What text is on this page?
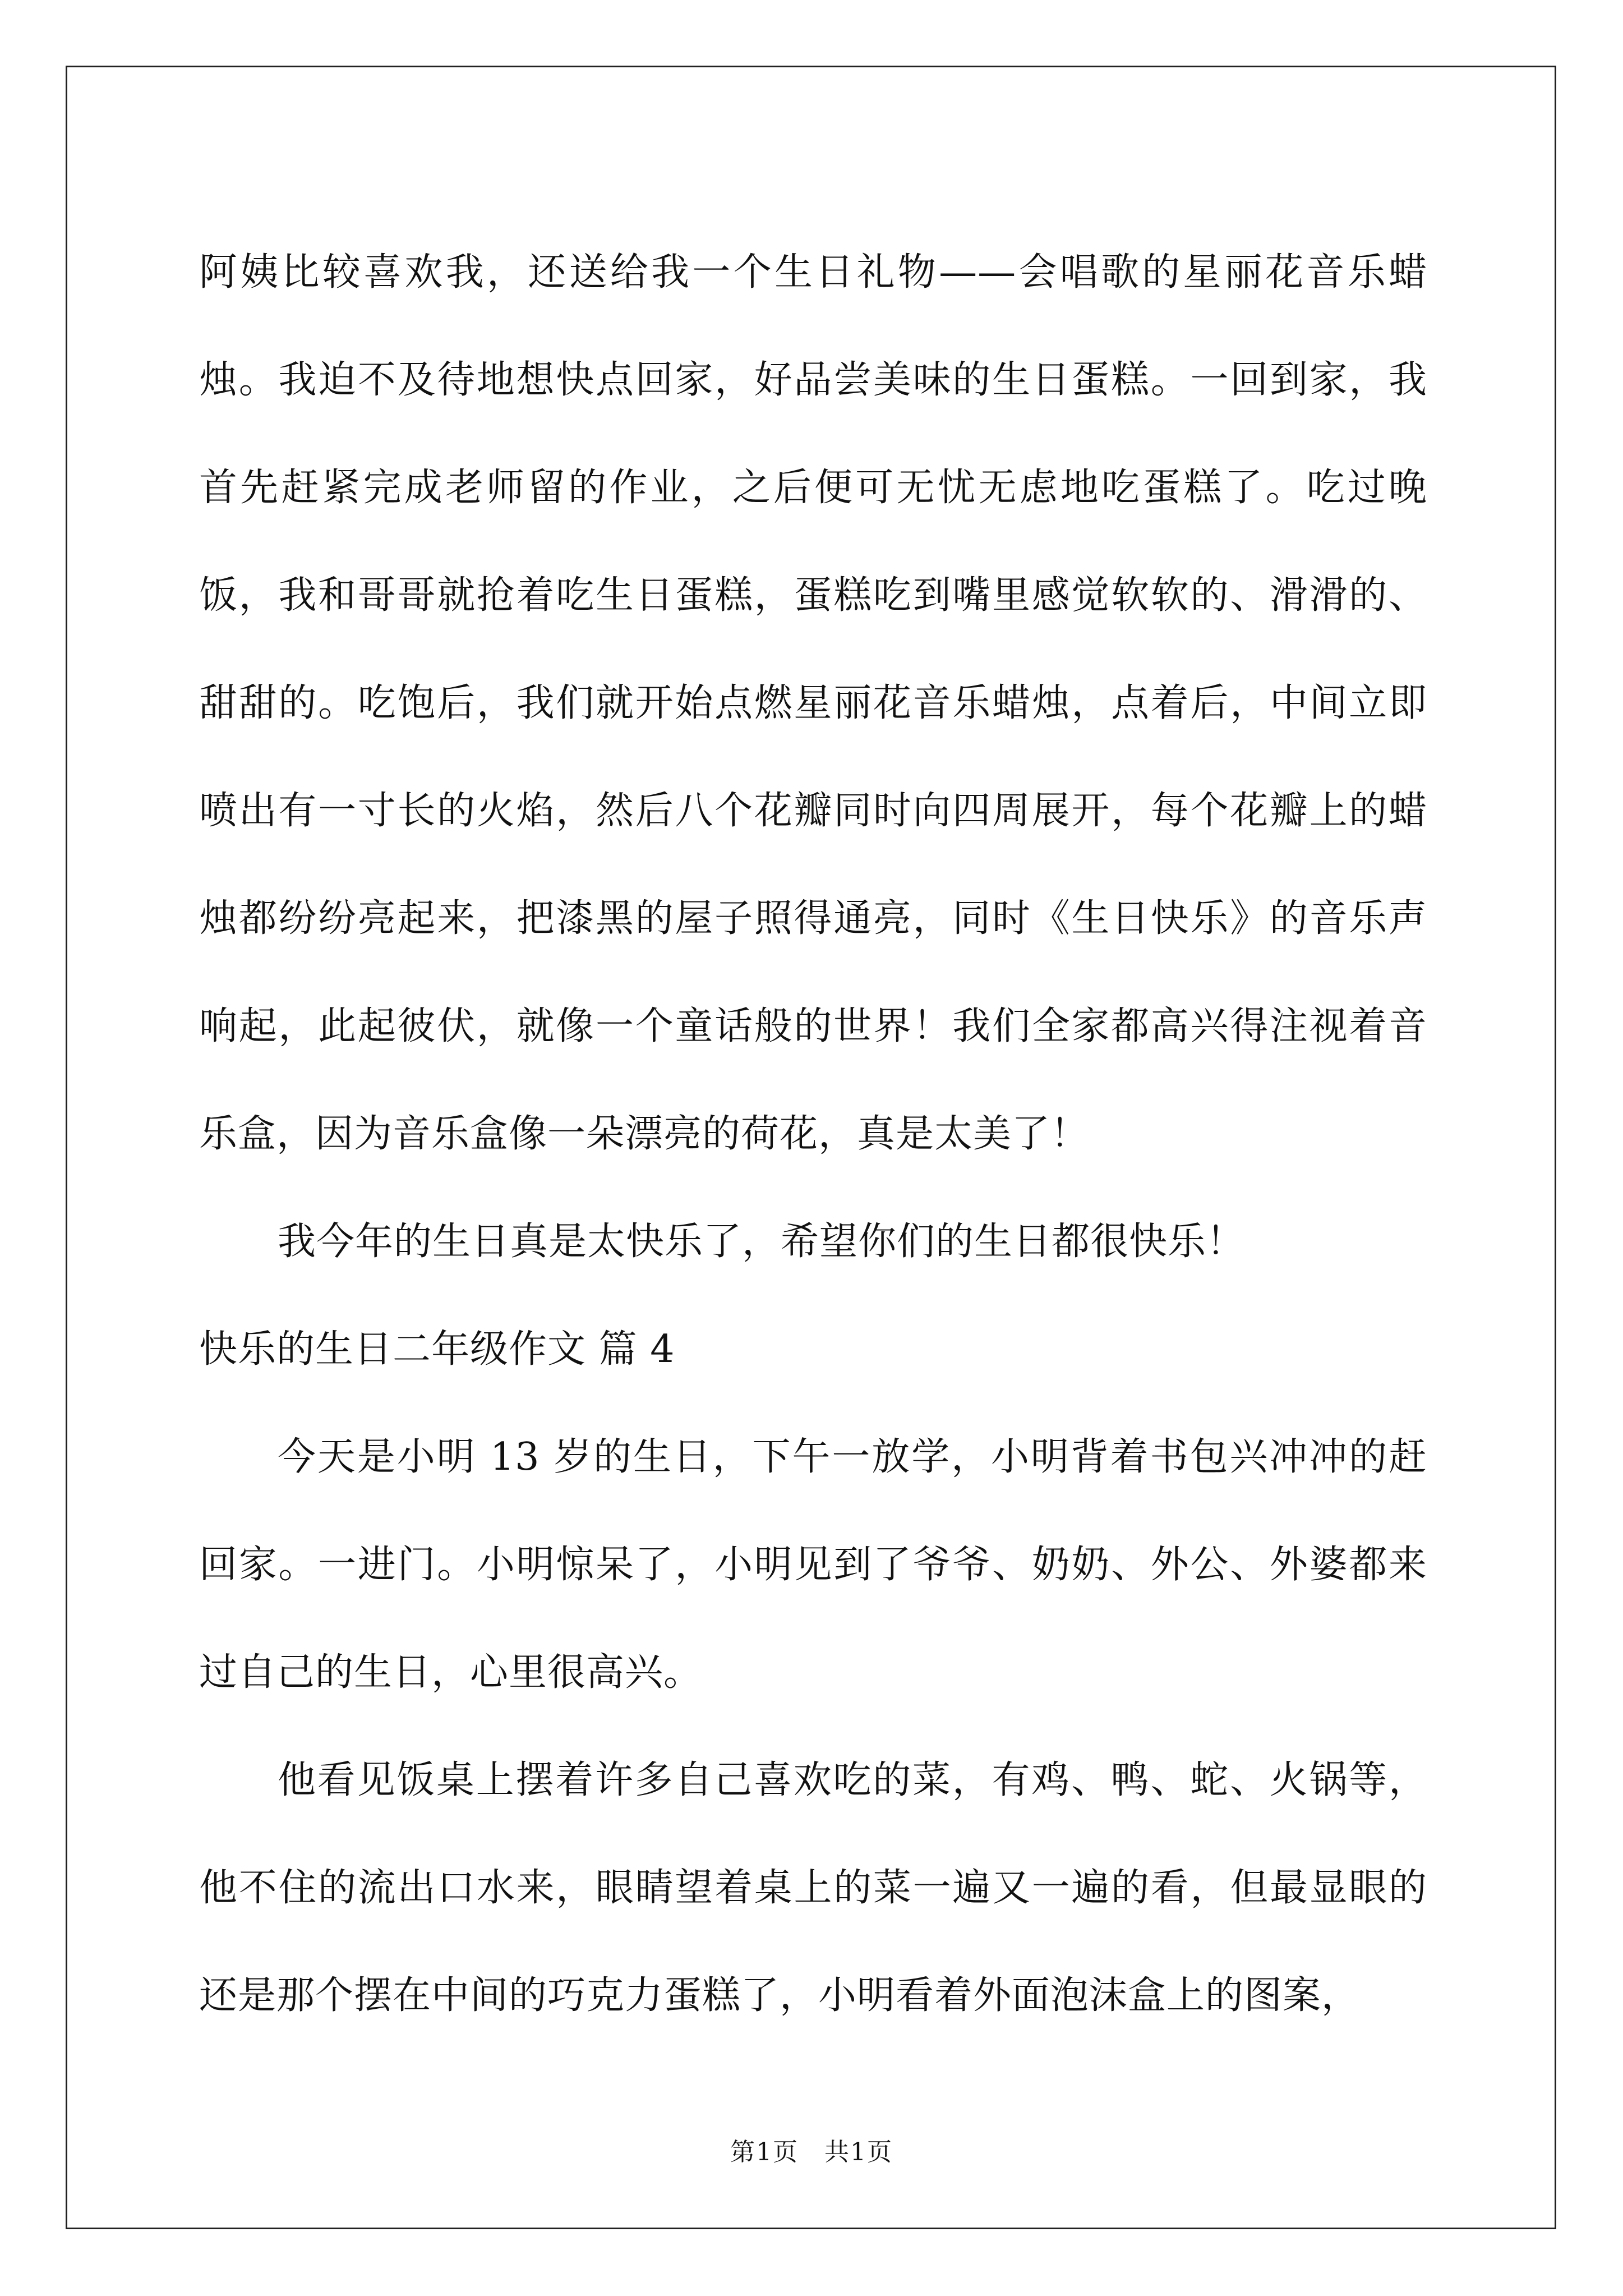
阿姨比较喜欢我，还送给我一个生日礼物——会唱歌的星丽花音乐蜡烛。我迫不及待地想快点回家，好品尝美味的生日蛋糕。一回到家，我首先赶紧完成老师留的作业，之后便可无忧无虑地吃蛋糕了。吃过晚饭，我和哥哥就抢着吃生日蛋糕，蛋糕吃到嘴里感觉软软的、滑滑的、甜甜的。吃饱后，我们就开始点燃星丽花音乐蜡烛，点着后，中间立即喷出有一寸长的火焰，然后八个花瓣同时向四周展开，每个花瓣上的蜡烛都纷纷亮起来，把漆黑的屋子照得通亮，同时《生日快乐》的音乐声响起，此起彼伏，就像一个童话般的世界！我们全家都高兴得注视着音乐盒，因为音乐盒像一朵漂亮的荷花，真是太美了！

我今年的生日真是太快乐了，希望你们的生日都很快乐！

快乐的生日二年级作文 篇 4

今天是小明 13 岁的生日，下午一放学，小明背着书包兴冲冲的赶回家。一进门。小明惊呆了，小明见到了爷爷、奶奶、外公、外婆都来过自己的生日，心里很高兴。

他看见饭桌上摆着许多自己喜欢吃的菜，有鸡、鸭、蛇、火锅等，他不住的流出口水来，眼睛望着桌上的菜一遍又一遍的看，但最显眼的还是那个摆在中间的巧克力蛋糕了，小明看着外面泡沫盒上的图案，

第1页　共1页
